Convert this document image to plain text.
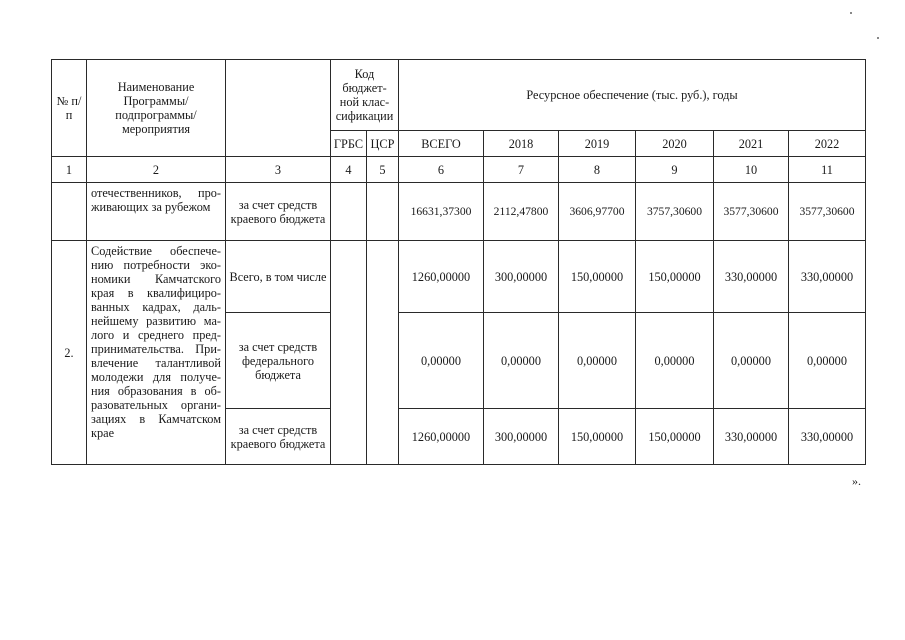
№ п/п	Наименование Программы/ подпрограммы/ мероприятия		Код бюджет-ной клас-сификации		Ресурсное обеспечение (тыс. руб.), годы					
			ГРБС	ЦСР	ВСЕГО	2018	2019	2020	2021	2022
1	2	3	4	5	6	7	8	9	10	11
	отечественников, про-живающих за рубежом	за счет средств краевого бюджета			16631,37300	2112,47800	3606,97700	3757,30600	3577,30600	3577,30600
2.	Содействие обеспече-нию потребности эко-номики Камчатского края в квалифициро-ванных кадрах, даль-нейшему развитию ма-лого и среднего пред-принимательства. При-влечение талантливой молодежи для получе-ния образования в об-разовательных органи-зациях в Камчатском крае	Всего, в том числе			1260,00000	300,00000	150,00000	150,00000	330,00000	330,00000
		за счет средств федерального бюджета			0,00000	0,00000	0,00000	0,00000	0,00000	0,00000
		за счет средств краевого бюджета			1260,00000	300,00000	150,00000	150,00000	330,00000	330,00000
».
